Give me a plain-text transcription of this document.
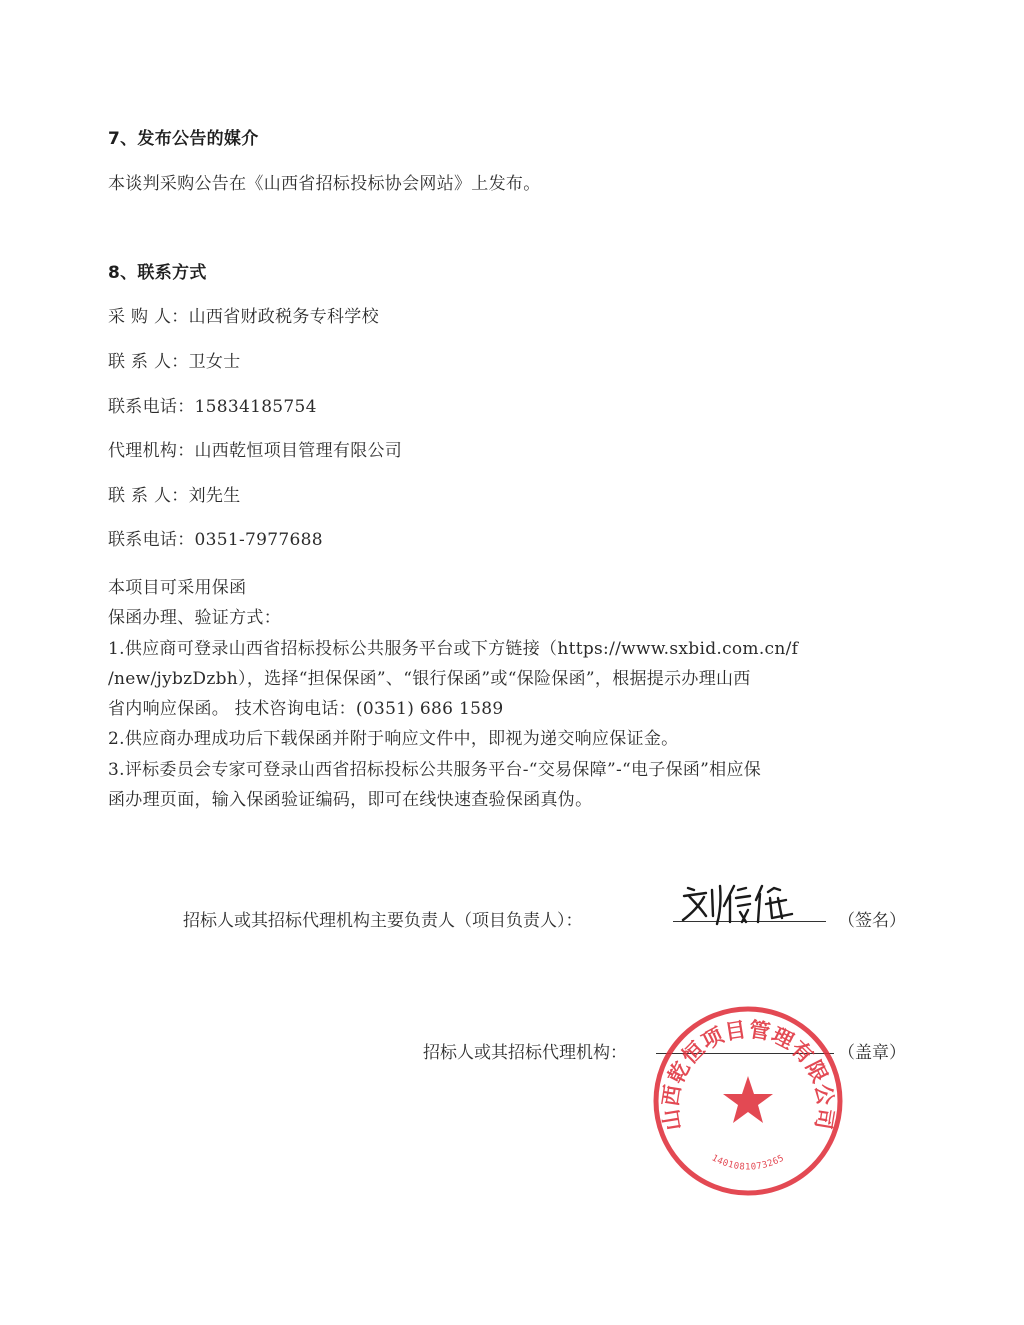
7、发布公告的媒介
本谈判采购公告在《山西省招标投标协会网站》上发布。
8、联系方式
采 购 人：山西省财政税务专科学校
联 系 人：卫女士
联系电话：15834185754
代理机构：山西乾恒项目管理有限公司
联 系 人：刘先生
联系电话：0351-7977688
本项目可采用保函
保函办理、验证方式：
1.供应商可登录山西省招标投标公共服务平台或下方链接（https://www.sxbid.com.cn/f
/new/jybzDzbh），选择“担保保函”、“银行保函”或“保险保函”，根据提示办理山西
省内响应保函。 技术咨询电话：(0351) 686 1589
2.供应商办理成功后下载保函并附于响应文件中，即视为递交响应保证金。
3.评标委员会专家可登录山西省招标投标公共服务平台-“交易保障”-“电子保函”相应保
函办理页面，输入保函验证编码，即可在线快速查验保函真伪。
招标人或其招标代理机构主要负责人（项目负责人）：	（签名）
招标人或其招标代理机构：	（盖章）
山西乾恒项目管理有限公司
1401081073265
